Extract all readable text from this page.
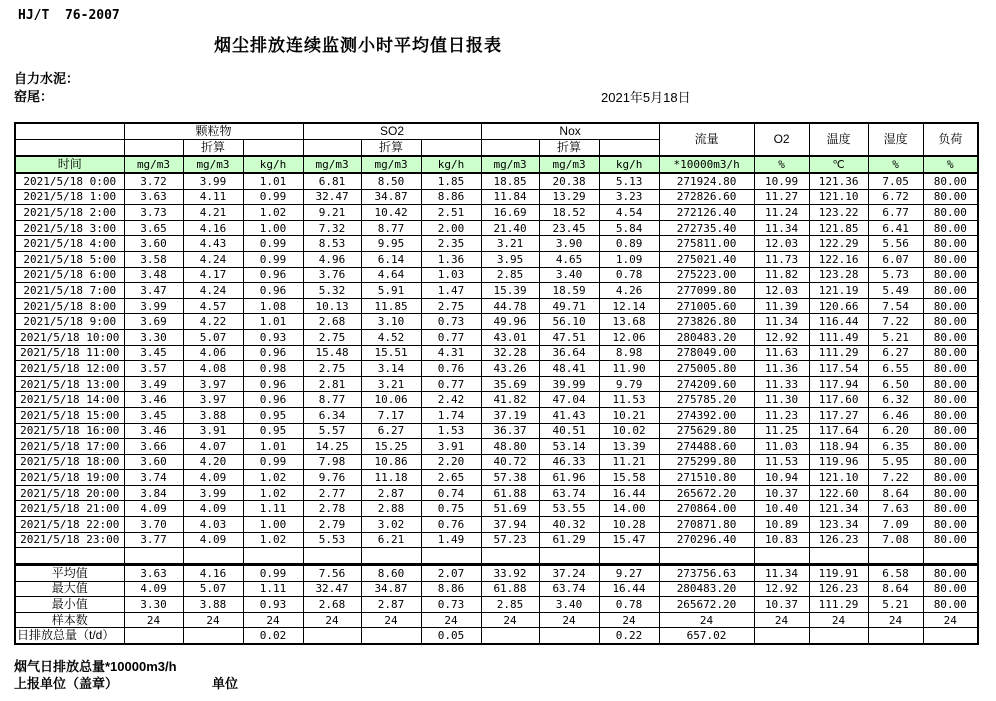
HJ/T  76-2007
烟尘排放连续监测小时平均值日报表
自力水泥：
窑尾：	2021年5月18日
	颗粒物			SO2			Nox			流量	O2	温度	湿度	负荷
		折算			折算			折算						
时间	mg/m3	mg/m3	kg/h	mg/m3	mg/m3	kg/h	mg/m3	mg/m3	kg/h	*10000m3/h	%	℃	%	%
2021/5/18 0:00	3.72	3.99	1.01	6.81	8.50	1.85	18.85	20.38	5.13	271924.80	10.99	121.36	7.05	80.00
2021/5/18 1:00	3.63	4.11	0.99	32.47	34.87	8.86	11.84	13.29	3.23	272826.60	11.27	121.10	6.72	80.00
2021/5/18 2:00	3.73	4.21	1.02	9.21	10.42	2.51	16.69	18.52	4.54	272126.40	11.24	123.22	6.77	80.00
2021/5/18 3:00	3.65	4.16	1.00	7.32	8.77	2.00	21.40	23.45	5.84	272735.40	11.34	121.85	6.41	80.00
2021/5/18 4:00	3.60	4.43	0.99	8.53	9.95	2.35	3.21	3.90	0.89	275811.00	12.03	122.29	5.56	80.00
2021/5/18 5:00	3.58	4.24	0.99	4.96	6.14	1.36	3.95	4.65	1.09	275021.40	11.73	122.16	6.07	80.00
2021/5/18 6:00	3.48	4.17	0.96	3.76	4.64	1.03	2.85	3.40	0.78	275223.00	11.82	123.28	5.73	80.00
2021/5/18 7:00	3.47	4.24	0.96	5.32	5.91	1.47	15.39	18.59	4.26	277099.80	12.03	121.19	5.49	80.00
2021/5/18 8:00	3.99	4.57	1.08	10.13	11.85	2.75	44.78	49.71	12.14	271005.60	11.39	120.66	7.54	80.00
2021/5/18 9:00	3.69	4.22	1.01	2.68	3.10	0.73	49.96	56.10	13.68	273826.80	11.34	116.44	7.22	80.00
2021/5/18 10:00	3.30	5.07	0.93	2.75	4.52	0.77	43.01	47.51	12.06	280483.20	12.92	111.49	5.21	80.00
2021/5/18 11:00	3.45	4.06	0.96	15.48	15.51	4.31	32.28	36.64	8.98	278049.00	11.63	111.29	6.27	80.00
2021/5/18 12:00	3.57	4.08	0.98	2.75	3.14	0.76	43.26	48.41	11.90	275005.80	11.36	117.54	6.55	80.00
2021/5/18 13:00	3.49	3.97	0.96	2.81	3.21	0.77	35.69	39.99	9.79	274209.60	11.33	117.94	6.50	80.00
2021/5/18 14:00	3.46	3.97	0.96	8.77	10.06	2.42	41.82	47.04	11.53	275785.20	11.30	117.60	6.32	80.00
2021/5/18 15:00	3.45	3.88	0.95	6.34	7.17	1.74	37.19	41.43	10.21	274392.00	11.23	117.27	6.46	80.00
2021/5/18 16:00	3.46	3.91	0.95	5.57	6.27	1.53	36.37	40.51	10.02	275629.80	11.25	117.64	6.20	80.00
2021/5/18 17:00	3.66	4.07	1.01	14.25	15.25	3.91	48.80	53.14	13.39	274488.60	11.03	118.94	6.35	80.00
2021/5/18 18:00	3.60	4.20	0.99	7.98	10.86	2.20	40.72	46.33	11.21	275299.80	11.53	119.96	5.95	80.00
2021/5/18 19:00	3.74	4.09	1.02	9.76	11.18	2.65	57.38	61.96	15.58	271510.80	10.94	121.10	7.22	80.00
2021/5/18 20:00	3.84	3.99	1.02	2.77	2.87	0.74	61.88	63.74	16.44	265672.20	10.37	122.60	8.64	80.00
2021/5/18 21:00	4.09	4.09	1.11	2.78	2.88	0.75	51.69	53.55	14.00	270864.00	10.40	121.34	7.63	80.00
2021/5/18 22:00	3.70	4.03	1.00	2.79	3.02	0.76	37.94	40.32	10.28	270871.80	10.89	123.34	7.09	80.00
2021/5/18 23:00	3.77	4.09	1.02	5.53	6.21	1.49	57.23	61.29	15.47	270296.40	10.83	126.23	7.08	80.00

平均值	3.63	4.16	0.99	7.56	8.60	2.07	33.92	37.24	9.27	273756.63	11.34	119.91	6.58	80.00
最大值	4.09	5.07	1.11	32.47	34.87	8.86	61.88	63.74	16.44	280483.20	12.92	126.23	8.64	80.00
最小值	3.30	3.88	0.93	2.68	2.87	0.73	2.85	3.40	0.78	265672.20	10.37	111.29	5.21	80.00
样本数	24	24	24	24	24	24	24	24	24	24	24	24	24	24
日排放总量（t/d）			0.02			0.05			0.22	657.02				
烟气日排放总量*10000m3/h
上报单位（盖章）	单位
